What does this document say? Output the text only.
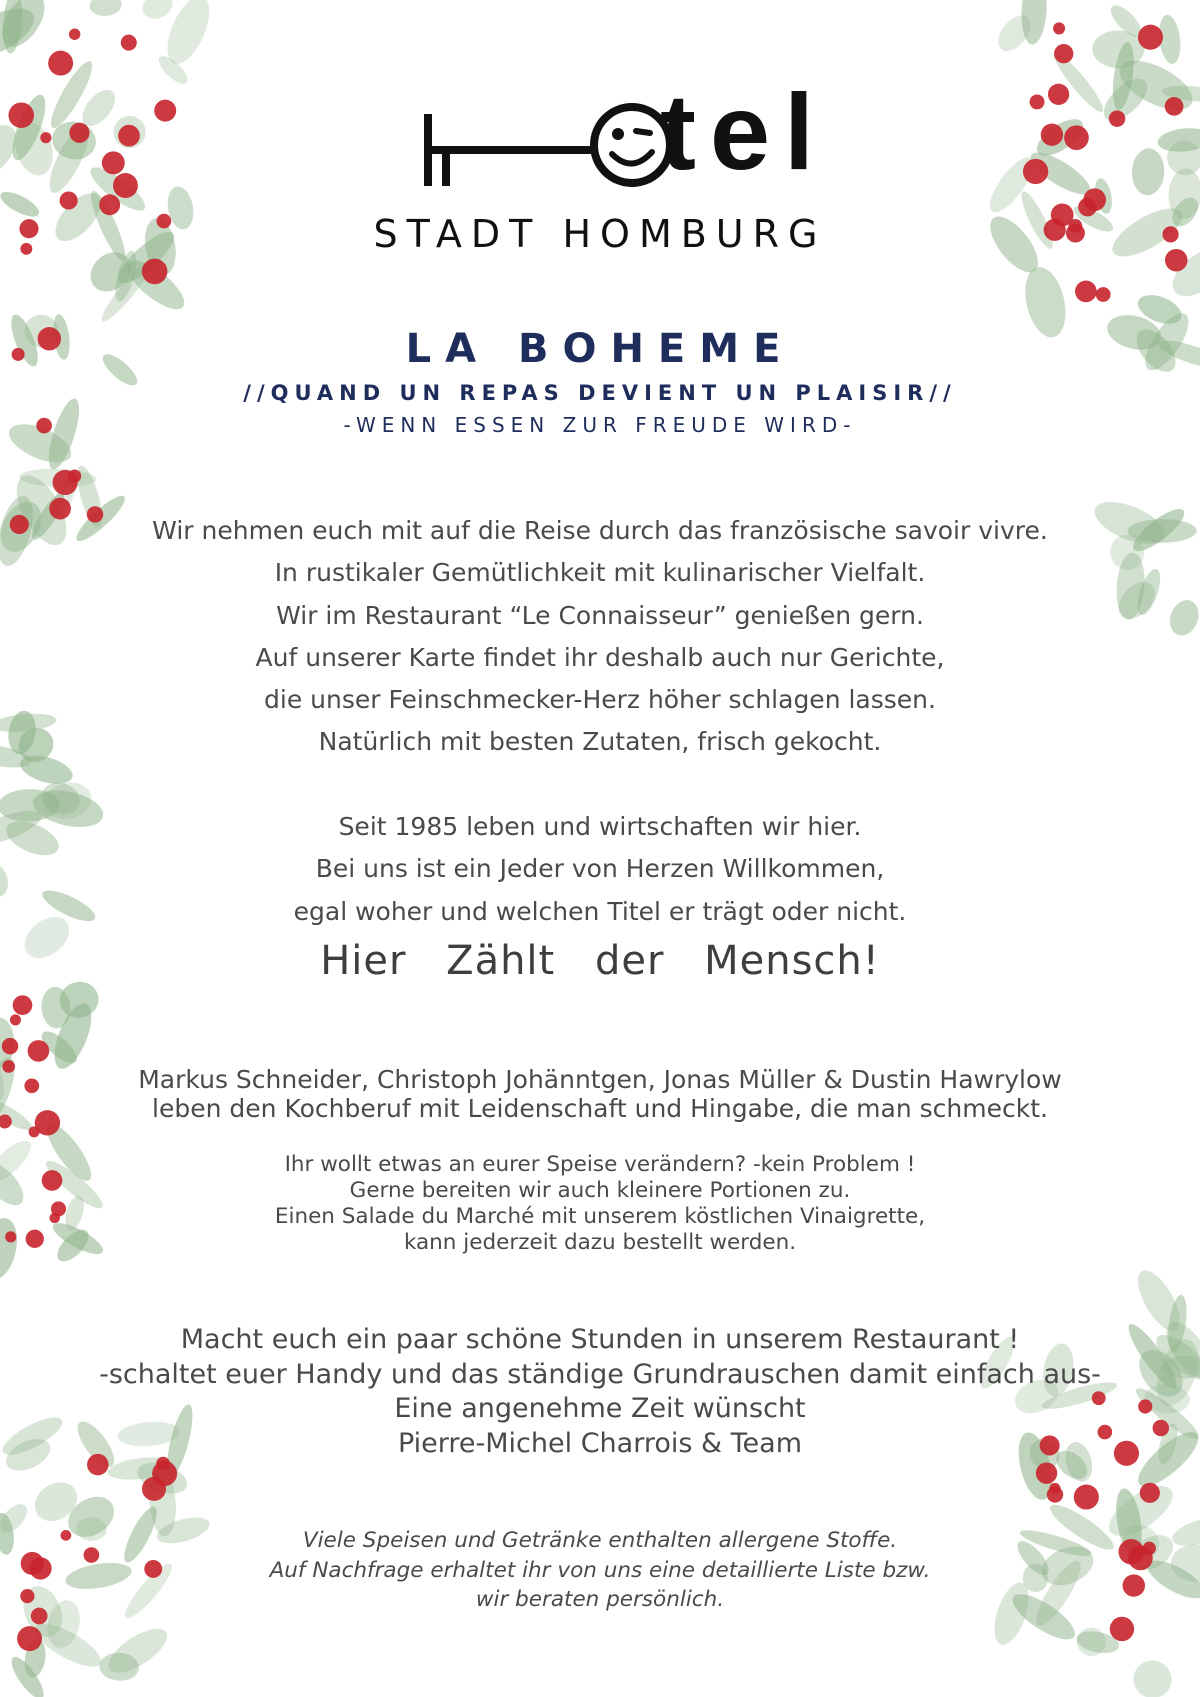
tel
STADT HOMBURG
LA BOHEME
//QUAND UN REPAS DEVIENT UN PLAISIR//
-WENN ESSEN ZUR FREUDE WIRD-
Wir nehmen euch mit auf die Reise durch das französische savoir vivre.
In rustikaler Gemütlichkeit mit kulinarischer Vielfalt.
Wir im Restaurant “Le Connaisseur” genießen gern.
Auf unserer Karte findet ihr deshalb auch nur Gerichte,
die unser Feinschmecker-Herz höher schlagen lassen.
Natürlich mit besten Zutaten, frisch gekocht.
Seit 1985 leben und wirtschaften wir hier.
Bei uns ist ein Jeder von Herzen Willkommen,
egal woher und welchen Titel er trägt oder nicht.
Hier Zählt der Mensch!
Markus Schneider, Christoph Johänntgen, Jonas Müller & Dustin Hawrylow
leben den Kochberuf mit Leidenschaft und Hingabe, die man schmeckt.
Ihr wollt etwas an eurer Speise verändern? -kein Problem !
Gerne bereiten wir auch kleinere Portionen zu.
Einen Salade du Marché mit unserem köstlichen Vinaigrette,
kann jederzeit dazu bestellt werden.
Macht euch ein paar schöne Stunden in unserem Restaurant !
-schaltet euer Handy und das ständige Grundrauschen damit einfach aus-
Eine angenehme Zeit wünscht
Pierre-Michel Charrois & Team
Viele Speisen und Getränke enthalten allergene Stoffe.
Auf Nachfrage erhaltet ihr von uns eine detaillierte Liste bzw.
wir beraten persönlich.
